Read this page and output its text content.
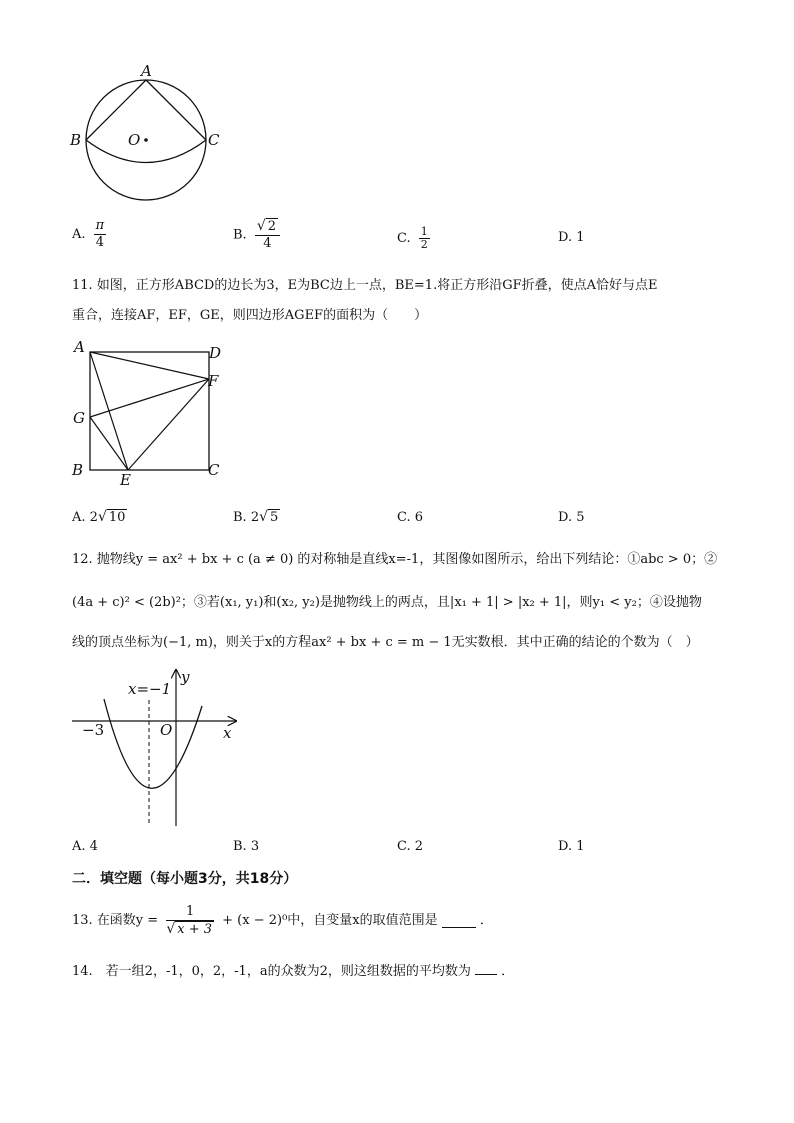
A
B	C
O
A. $\frac{\pi}{4}$	B. $\frac{√ 2}{4}$	C. $\frac{1}{2}$	D. 1
11. 如图，正方形ABCD的边长为3，E为BC边上一点，BE=1.将正方形沿GF折叠，使点A恰好与点E
重合，连接AF，EF，GE，则四边形AGEF的面积为（　　）
A	D
F
G
B	C
E
A. 2√ 10	B. 2√ 5	C. 6	D. 5
12. 抛物线y = ax² + bx + c (a ≠ 0) 的对称轴是直线x=-1，其图像如图所示，给出下列结论：①abc > 0；②
(4a + c)² < (2b)²；③若(x₁, y₁)和(x₂, y₂)是抛物线上的两点，且|x₁ + 1| > |x₂ + 1|，则y₁ < y₂；④设抛物
线的顶点坐标为(−1, m)，则关于x的方程ax² + bx + c = m − 1无实数根．其中正确的结论的个数为（　）
x=−1
y
x
O
−3
A. 4	B. 3	C. 2	D. 1
二．填空题（每小题3分，共18分）
13. 在函数$y = \frac{1}{√ x + 3} + (x - 2)^0$中，自变量x的取值范围是	．
14.　若一组2，-1，0，2，-1，a的众数为2，则这组数据的平均数为 ．
